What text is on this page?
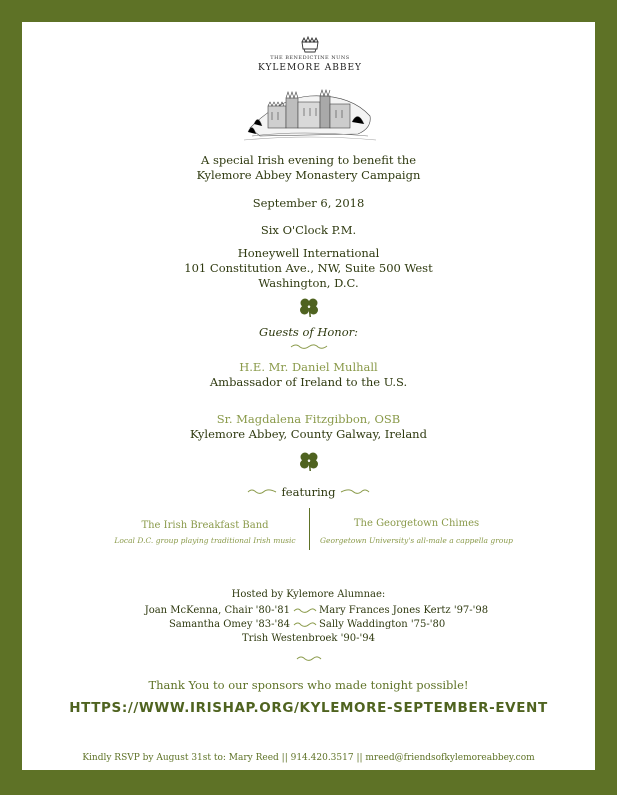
THE BENEDICTINE NUNS
KYLEMORE ABBEY
A special Irish evening to benefit the
Kylemore Abbey Monastery Campaign
September 6, 2018
Six O'Clock P.M.
Honeywell International
101 Constitution Ave., NW, Suite 500 West
Washington, D.C.
Guests of Honor:
H.E. Mr. Daniel Mulhall
Ambassador of Ireland to the U.S.
Sr. Magdalena Fitzgibbon, OSB
Kylemore Abbey, County Galway, Ireland
featuring
The Irish Breakfast Band
Local D.C. group playing traditional Irish music
The Georgetown Chimes
Georgetown University's all-male a cappella group
Hosted by Kylemore Alumnae:
Joan McKenna, Chair '80-'81	Mary Frances Jones Kertz '97-'98
Samantha Omey '83-'84	Sally Waddington '75-'80
Trish Westenbroek '90-'94
Thank You to our sponsors who made tonight possible!
HTTPS://WWW.IRISHAP.ORG/KYLEMORE-SEPTEMBER-EVENT
Kindly RSVP by August 31st to: Mary Reed || 914.420.3517 || mreed@friendsofkylemoreabbey.com
